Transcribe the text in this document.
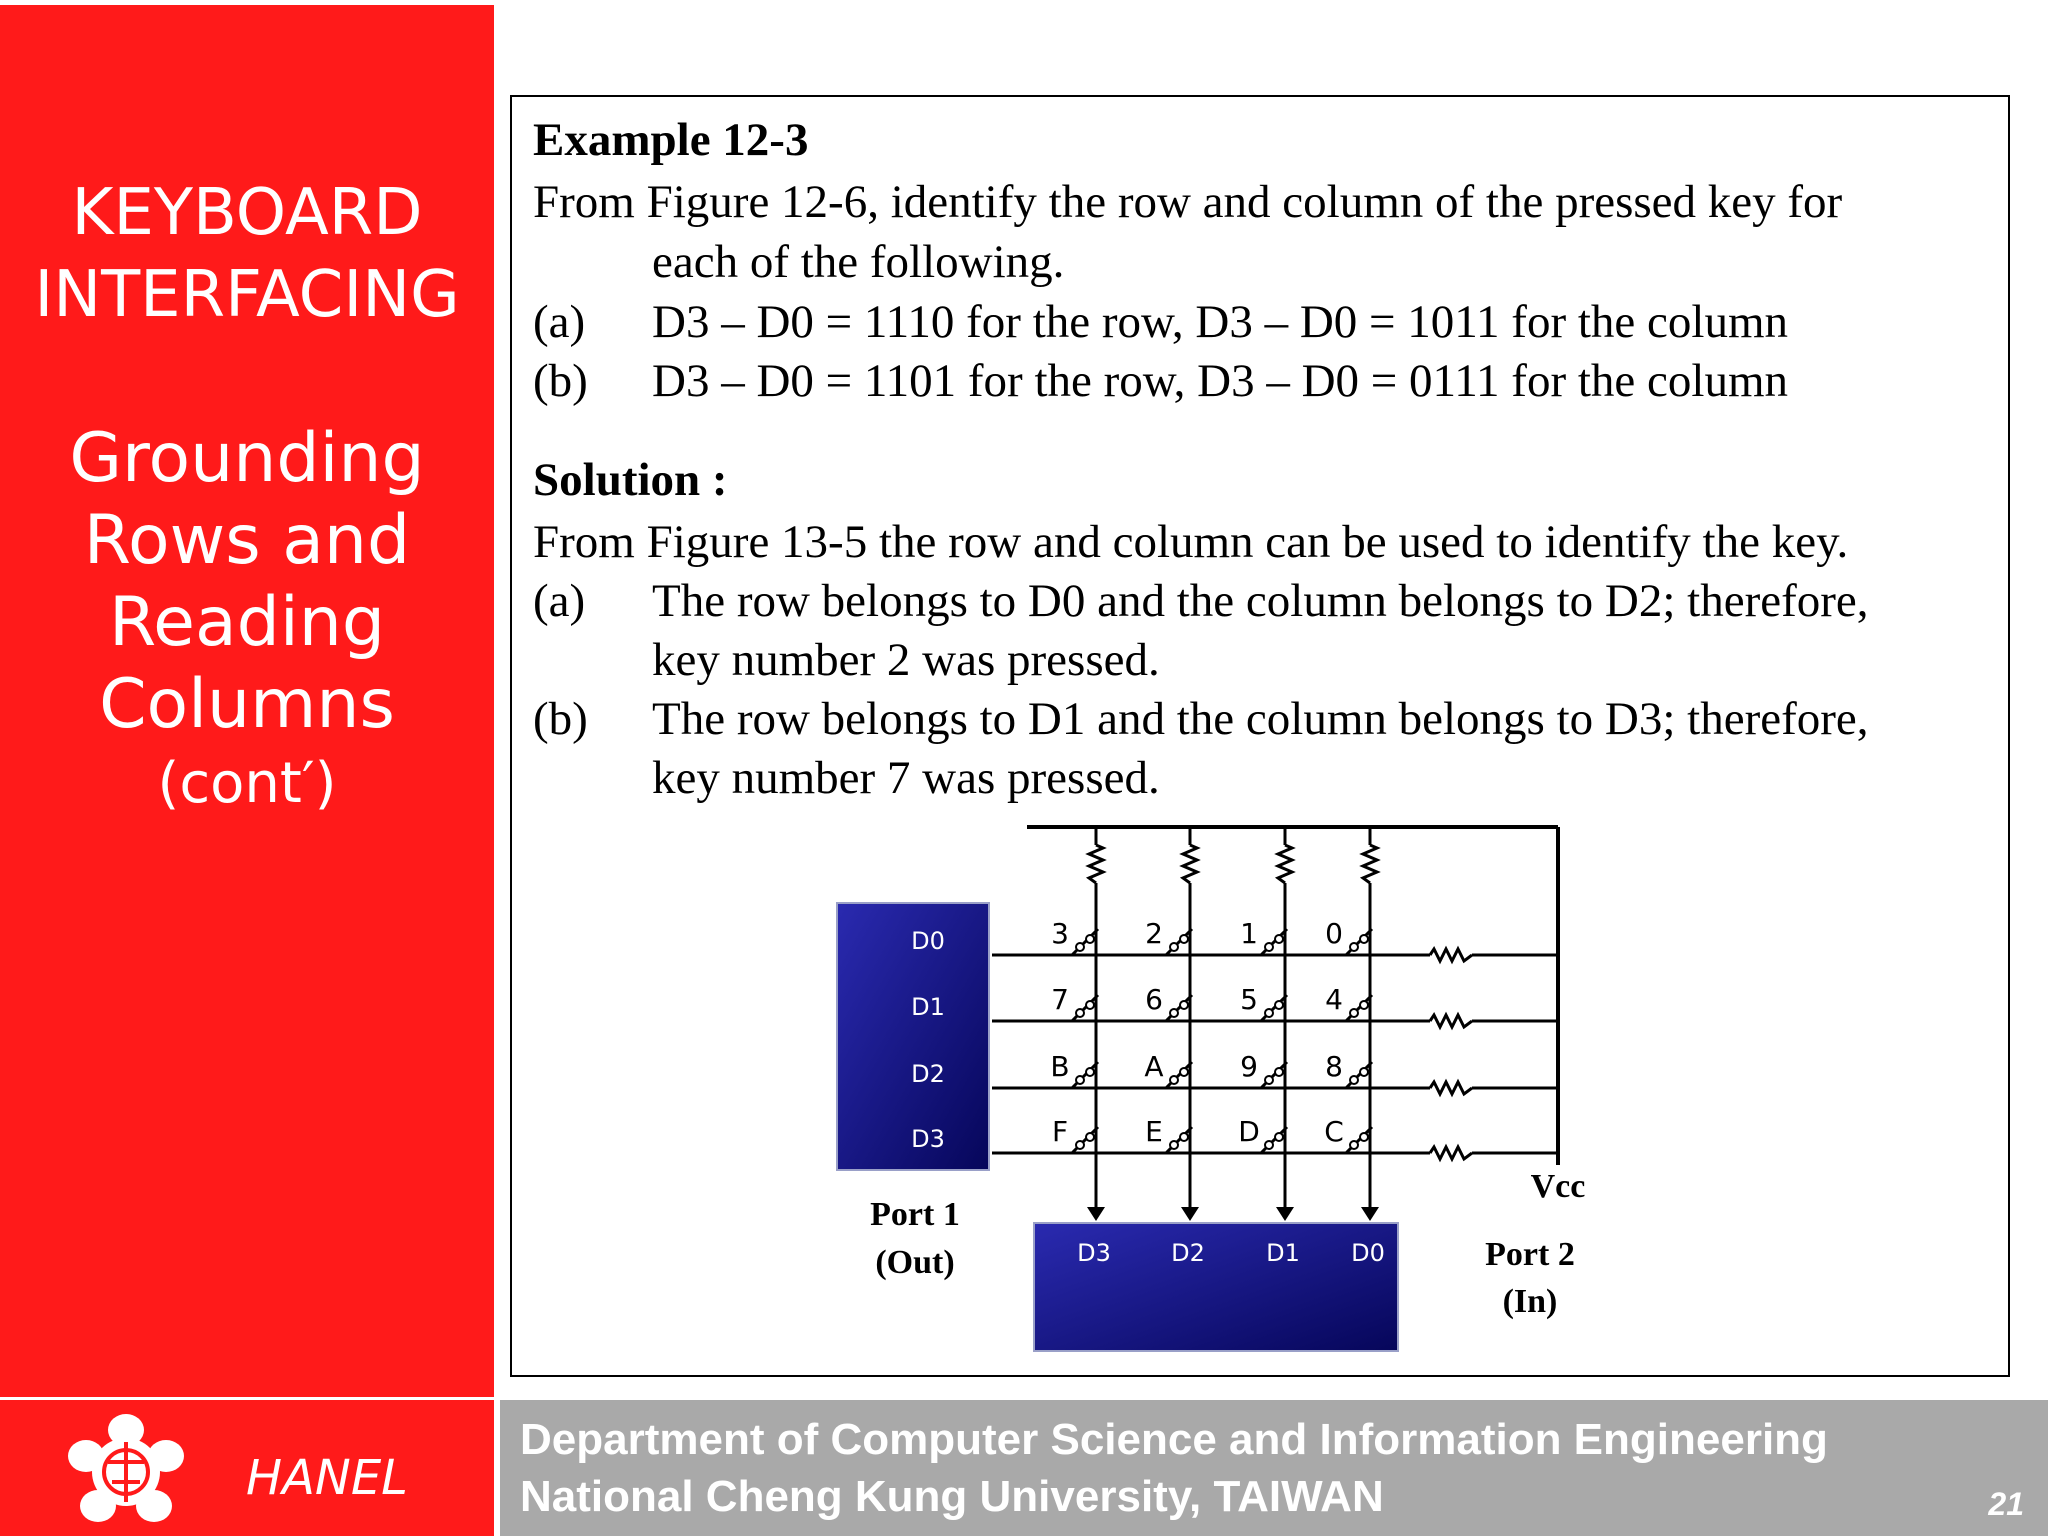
KEYBOARD
INTERFACING
Grounding
Rows and
Reading
Columns
(cont′)
HANEL
Department of Computer Science and Information Engineering
National Cheng Kung University, TAIWAN	21
Example 12-3
From Figure 12-6, identify the row and column of the pressed key for
each of the following.
(a) D3 – D0 = 1110 for the row, D3 – D0 = 1011 for the column
(b) D3 – D0 = 1101 for the row, D3 – D0 = 0111 for the column
Solution :
From Figure 13-5 the row and column can be used to identify the key.
(a) The row belongs to D0 and the column belongs to D2; therefore,
key number 2 was pressed.
(b) The row belongs to D1 and the column belongs to D3; therefore,
key number 7 was pressed.
D0
D1
D2
D3
D3	D2	D1 D0
3	2	1 0
7	6	5 4
B	A	9 8
F	E	D C
Port 1
(Out)	Port 2
(In)
Vcc
